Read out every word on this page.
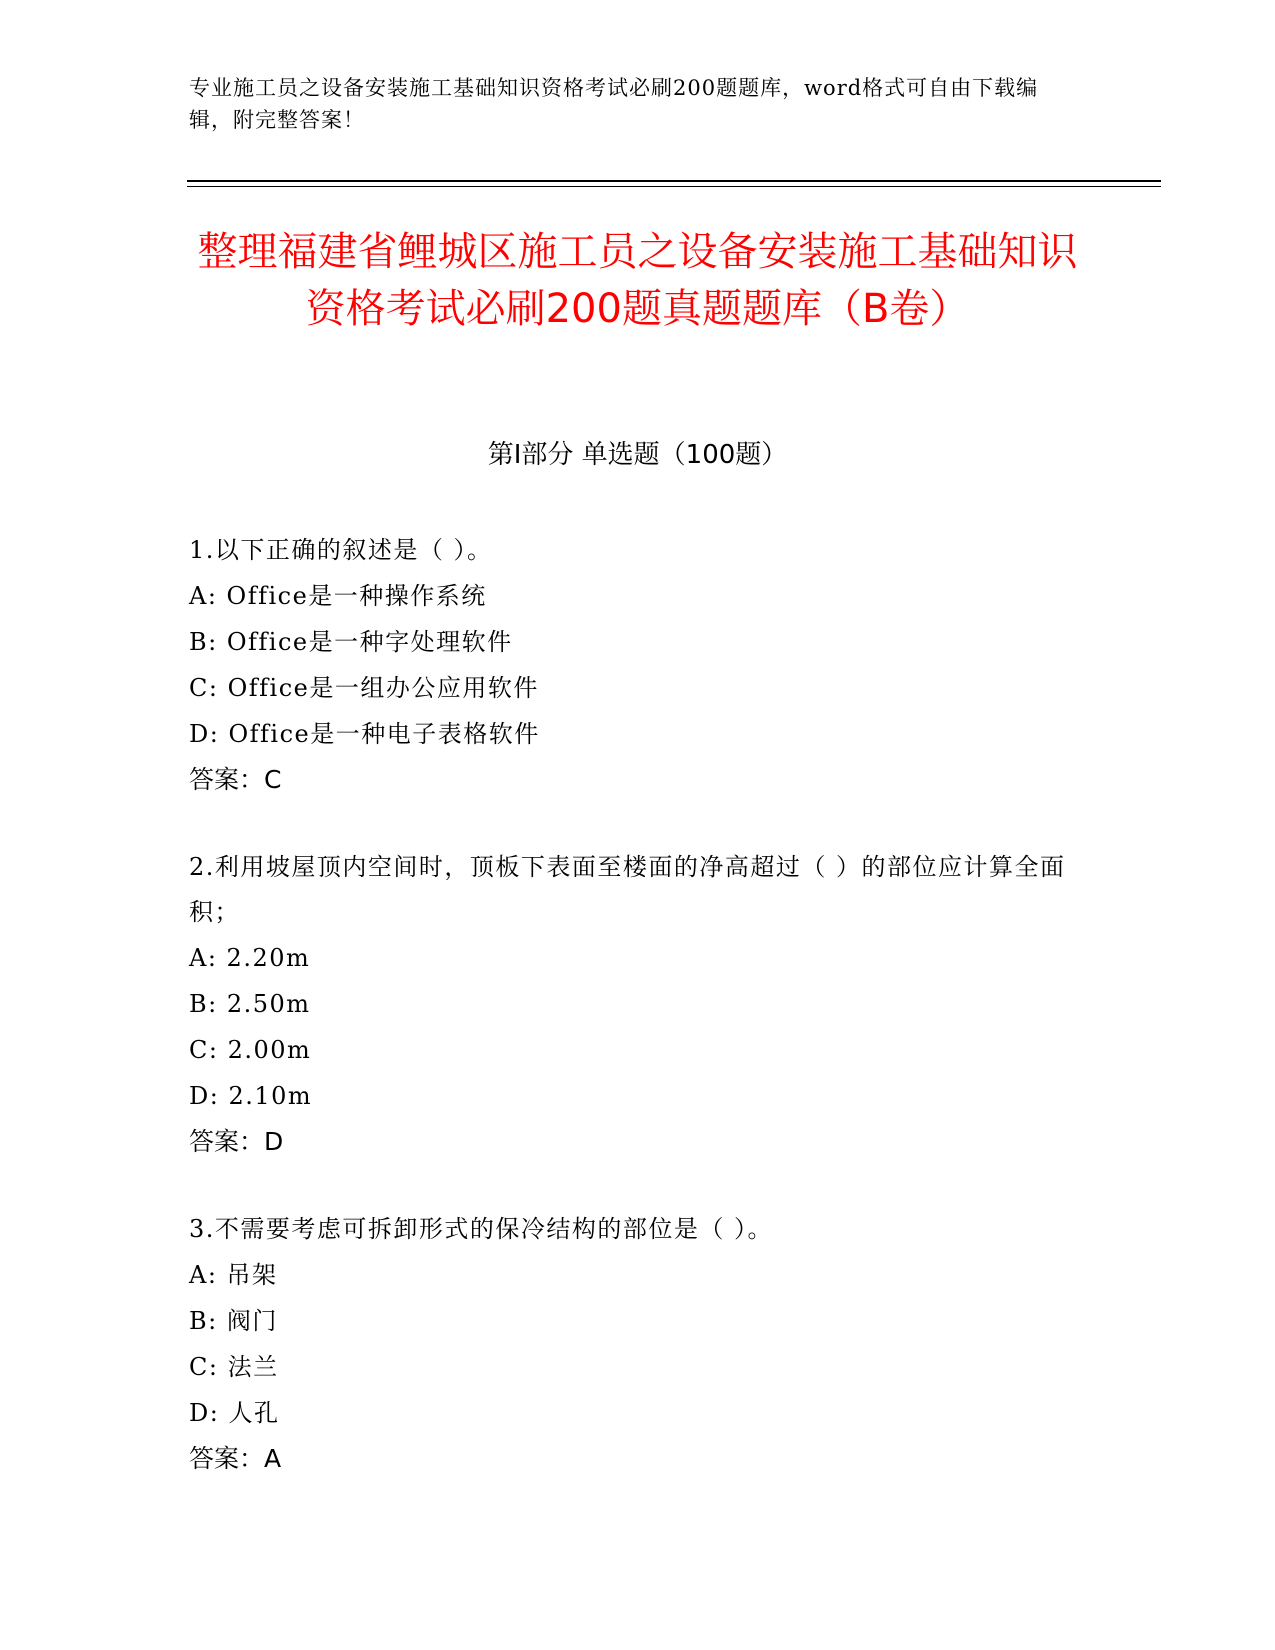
专业施工员之设备安装施工基础知识资格考试必刷200题题库，word格式可自由下载编辑，附完整答案！
整理福建省鲤城区施工员之设备安装施工基础知识资格考试必刷200题真题题库（B卷）
第Ⅰ部分 单选题（100题）

1.以下正确的叙述是（ ）。

A: Office是一种操作系统

B: Office是一种字处理软件

C: Office是一组办公应用软件

D: Office是一种电子表格软件

答案：C

2.利用坡屋顶内空间时，顶板下表面至楼面的净高超过（ ）的部位应计算全面积；

A: 2.20m

B: 2.50m

C: 2.00m

D: 2.10m

答案：D

3.不需要考虑可拆卸形式的保冷结构的部位是（ ）。

A: 吊架

B: 阀门

C: 法兰

D: 人孔

答案：A
